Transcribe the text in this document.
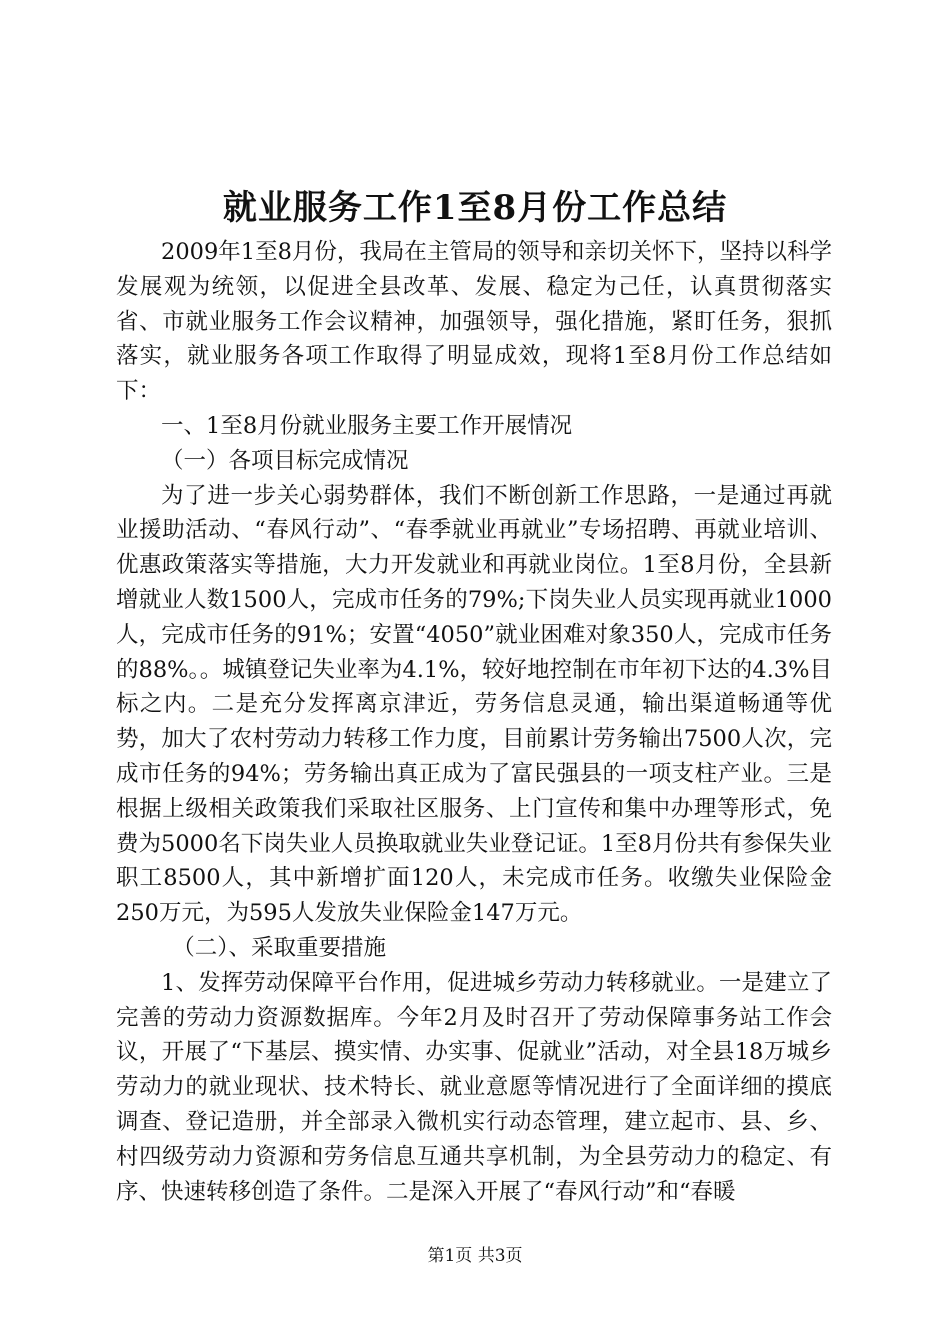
就业服务工作1至8月份工作总结

2009年1至8月份，我局在主管局的领导和亲切关怀下，坚持以科学发展观为统领，以促进全县改革、发展、稳定为己任，认真贯彻落实省、市就业服务工作会议精神，加强领导，强化措施，紧盯任务，狠抓落实，就业服务各项工作取得了明显成效，现将1至8月份工作总结如下：

一、1至8月份就业服务主要工作开展情况

（一）各项目标完成情况

为了进一步关心弱势群体，我们不断创新工作思路，一是通过再就业援助活动、“春风行动”、“春季就业再就业”专场招聘、再就业培训、优惠政策落实等措施，大力开发就业和再就业岗位。1至8月份，全县新增就业人数1500人，完成市任务的79%;下岗失业人员实现再就业1000人，完成市任务的91%；安置“4050”就业困难对象350人，完成市任务的88%。。城镇登记失业率为4.1%，较好地控制在市年初下达的4.3%目标之内。二是充分发挥离京津近，劳务信息灵通，输出渠道畅通等优势，加大了农村劳动力转移工作力度，目前累计劳务输出7500人次，完成市任务的94%；劳务输出真正成为了富民强县的一项支柱产业。三是根据上级相关政策我们采取社区服务、上门宣传和集中办理等形式，免费为5000名下岗失业人员换取就业失业登记证。1至8月份共有参保失业职工8500人，其中新增扩面120人，未完成市任务。收缴失业保险金250万元，为595人发放失业保险金147万元。

（二）、采取重要措施

1、发挥劳动保障平台作用，促进城乡劳动力转移就业。一是建立了完善的劳动力资源数据库。今年2月及时召开了劳动保障事务站工作会议，开展了“下基层、摸实情、办实事、促就业”活动，对全县18万城乡劳动力的就业现状、技术特长、就业意愿等情况进行了全面详细的摸底调查、登记造册，并全部录入微机实行动态管理，建立起市、县、乡、村四级劳动力资源和劳务信息互通共享机制，为全县劳动力的稳定、有序、快速转移创造了条件。二是深入开展了“春风行动”和“春暖

第1页 共3页
